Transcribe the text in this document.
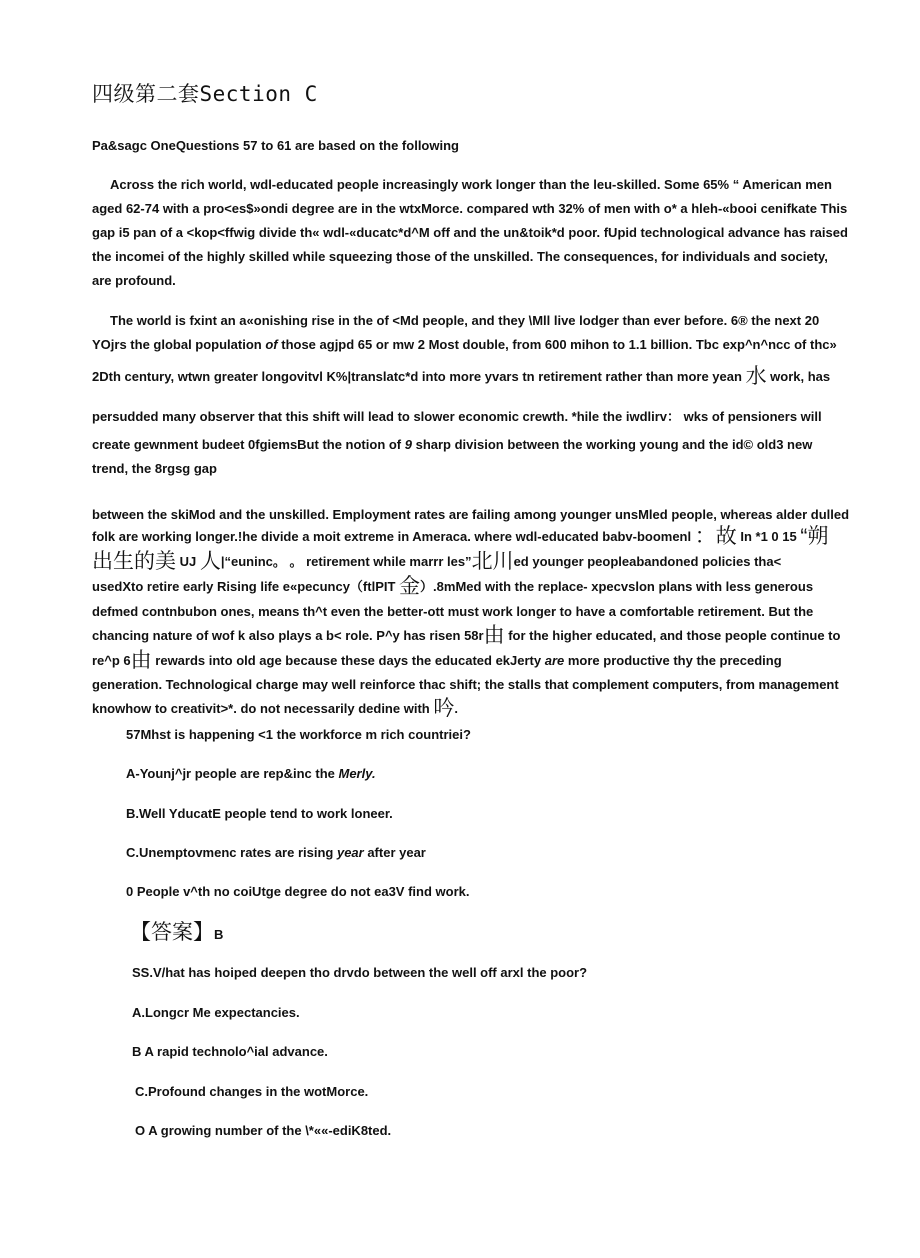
四级第二套Section C
Pa&sagc OneQuestions 57 to 61 are based on the following
Across the rich world, wdl-educated people increasingly work longer than the leu-skilled. Some 65% “ American men
aged 62-74 with a pro<es$»ondi degree are in the wtxMorce. compared wth 32% of men with o* a hleh-«booi cenifkate This
gap i5 pan of a <kop<ffwig divide th« wdl-«ducatc*d^M off and the un&toik*d poor. fUpid technological advance has raised
the incomei of the highly skilled while squeezing those of the unskilled. The consequences, for individuals and society,
are profound.
The world is fxint an a«onishing rise in the of <Md people, and they \Mll live lodger than ever before. 6® the next 20
YOjrs the global population of those agjpd 65 or mw 2 Most double, from 600 mihon to 1.1 billion. Tbc exp^n^ncc of thc»
2Dth century, wtwn greater longovitvl K%|translatc*d into more yvars tn retirement rather than more yean 水 work, has
persudded many observer that this shift will lead to slower economic crewth. *hile the iwdlirv： wks of pensioners will
create gewnment budeet 0fgiemsBut the notion of 9 sharp division between the working young and the id© old3 new
trend, the 8rgsg gap
between the skiMod and the unskilled. Employment rates are failing among younger unsMled people, whereas alder dulled
folk are working longer.!he divide a moit extreme in Ameraca. where wdl-educated babv-boomenl ：故 In *1 0 15 “朔
出生的美 UJ 人|“euninc。 。 retirement while marrr les”北川ed younger peopleabandoned policies tha<
usedXto retire early Rising life e«pecuncy（ftlPIT 金）.8mMed with the replace- xpecvslon plans with less generous
defmed contnbubon ones, means th^t even the better-ott must work longer to have a comfortable retirement. But the
chancing nature of wof k also plays a b< role. P^y has risen 58r由 for the higher educated, and those people continue to
re^p 6由 rewards into old age because these days the educated ekJerty are more productive thy the preceding
generation. Technological charge may well reinforce thac shift; the stalls that complement computers, from management
knowhow to creativit>*. do not necessarily dedine with 吟.
57Mhst is happening <1 the workforce m rich countriei?
A-Younj^jr people are rep&inc the Merly.
B.Well YducatE people tend to work loneer.
C.Unemptovmenc rates are rising year after year
0 People v^th no coiUtge degree do not ea3V find work.
【答案】B
SS.V/hat has hoiped deepen tho drvdo between the well off arxl the poor?
A.Longcr Me expectancies.
B A rapid technolo^ial advance.
C.Profound changes in the wotMorce.
O A growing number of the \*««-ediK8ted.
